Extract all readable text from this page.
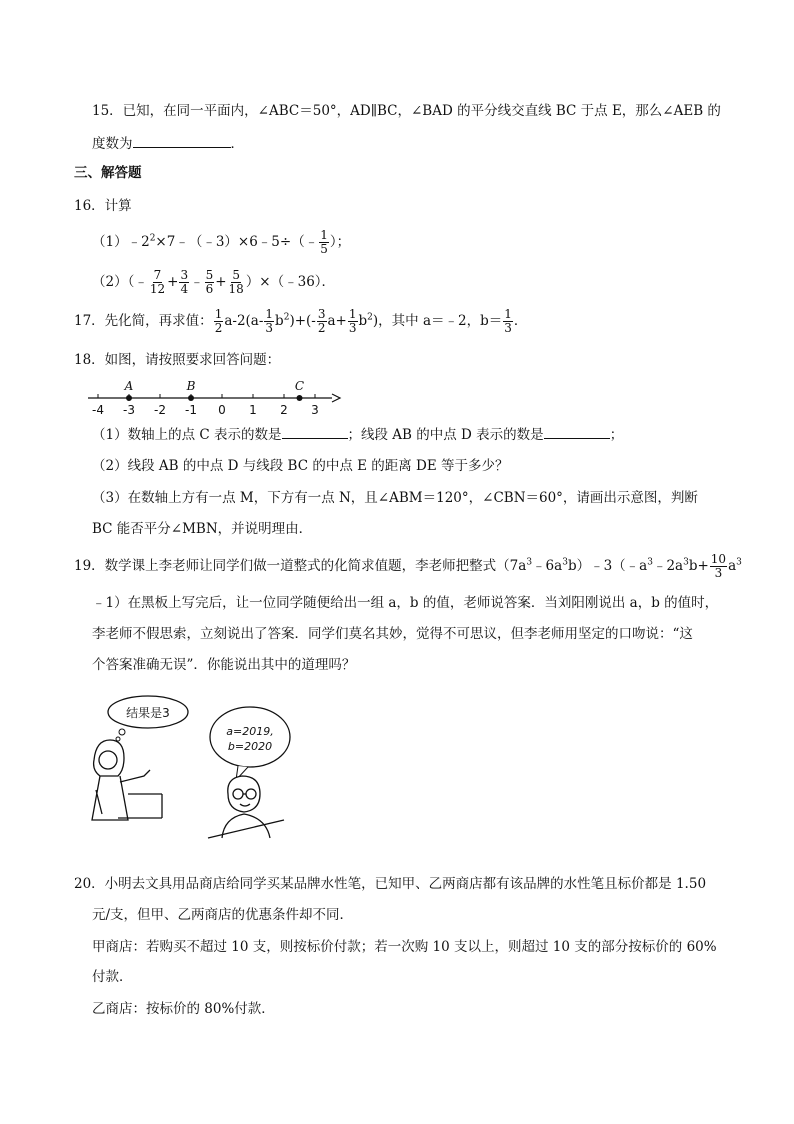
15．已知，在同一平面内，∠ABC＝50°，AD∥BC，∠BAD 的平分线交直线 BC 于点 E，那么∠AEB 的
度数为	．
三、解答题
16．计算
$(1)﹣2^2\times 7﹣(﹣3)\times 6﹣5\div(﹣ \frac{1}{5}$ ）；
（2）（﹣ $\frac{7}{12} + \frac{3}{4}$ ﹣ $\frac{5}{6} + \frac{5}{18}$ ）×（﹣36）．
17．先化简，再求值： $\frac{1}{2} a-2(a- \frac{1}{3} b^2)+(- \frac{3}{2} a+ \frac{1}{3} b^2)$，其中 a＝﹣2，$b= \frac{1}{3}$ ．
18．如图，请按照要求回答问题：
-4 -3 -2 -1 0 1 2 3
A	B	C
（1）数轴上的点 C 表示的数是	；线段 AB 的中点 D 表示的数是	；
（2）线段 AB 的中点 D 与线段 BC 的中点 E 的距离 DE 等于多少？
（3）在数轴上方有一点 M，下方有一点 N，且∠ABM＝120°，∠CBN＝60°，请画出示意图，判断
BC 能否平分∠MBN，并说明理由．
19．数学课上李老师让同学们做一道整式的化简求值题，李老师把整式$(7a^3﹣6a^3b)﹣3(﹣a^3﹣2a^3b+ \frac{10}{3} a^3$
﹣1）在黑板上写完后，让一位同学随便给出一组 a，b 的值，老师说答案．当刘阳刚说出 a，b 的值时，
李老师不假思索，立刻说出了答案．同学们莫名其妙，觉得不可思议，但李老师用坚定的口吻说：“这
个答案准确无误”．你能说出其中的道理吗？
结果是3
a=2019,
b=2020
20．小明去文具用品商店给同学买某品牌水性笔，已知甲、乙两商店都有该品牌的水性笔且标价都是 1.50
元/支，但甲、乙两商店的优惠条件却不同．
甲商店：若购买不超过 10 支，则按标价付款；若一次购 10 支以上，则超过 10 支的部分按标价的 60%
付款．
乙商店：按标价的 80%付款．
